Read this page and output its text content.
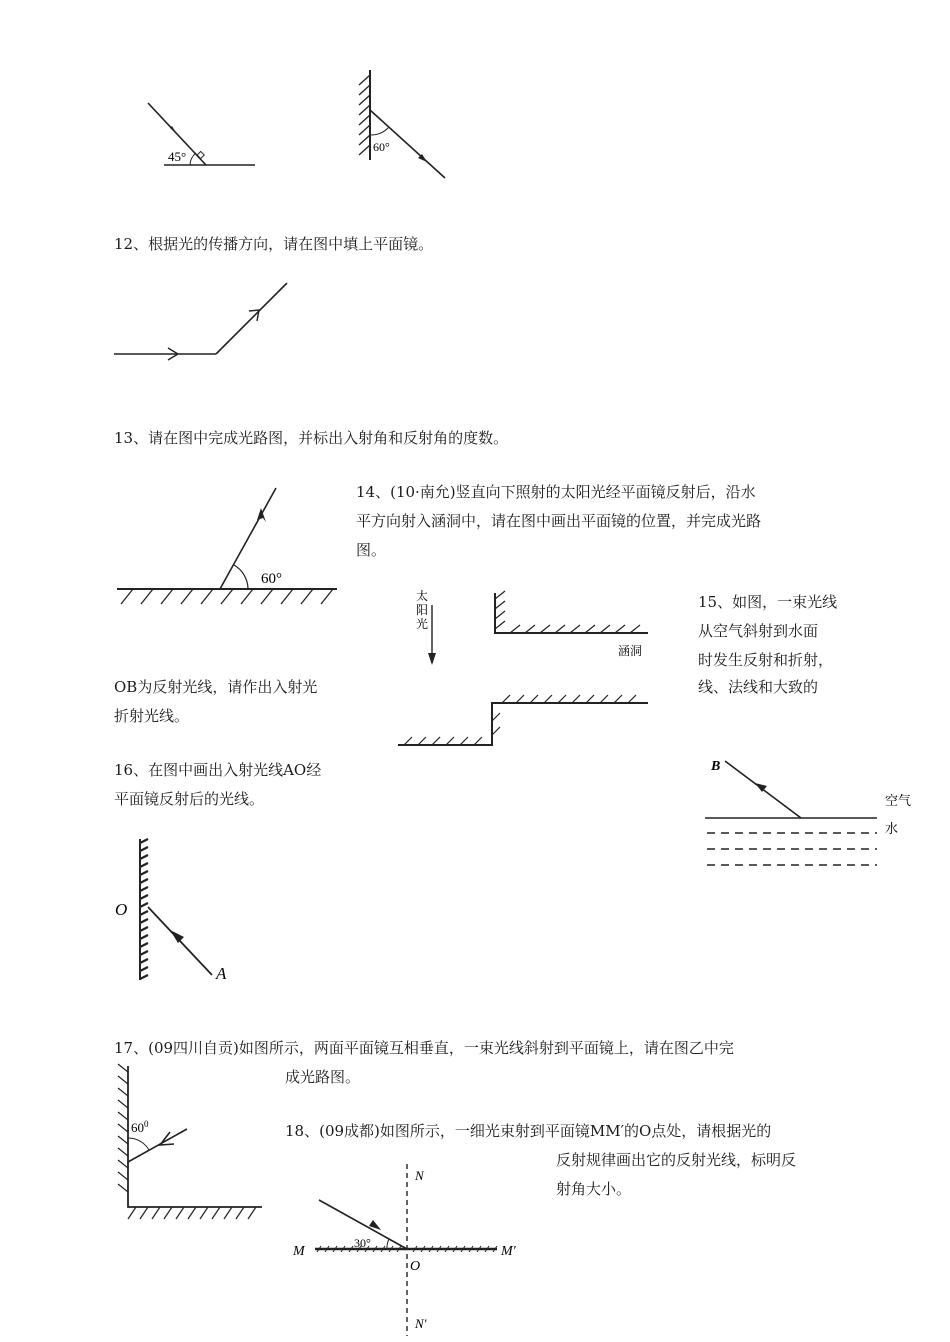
45°
60°
12、根据光的传播方向，请在图中填上平面镜。
13、请在图中完成光路图，并标出入射角和反射角的度数。
60°
14、(10·南允)竖直向下照射的太阳光经平面镜反射后，沿水
平方向射入涵洞中，请在图中画出平面镜的位置，并完成光路
图。
太
阳
光
涵洞
15、如图，一束光线
从空气斜射到水面
时发生反射和折射，
线、法线和大致的
OB为反射光线，请作出入射光
折射光线。
B
空气
水
16、在图中画出入射光线AO经
平面镜反射后的光线。
O
A
17、(09四川自贡)如图所示，两面平面镜互相垂直，一束光线斜射到平面镜上，请在图乙中完
成光路图。
$60^0$	18、(09成都)如图所示，一细光束射到平面镜MM′的O点处，请根据光的
反射规律画出它的反射光线，标明反
射角大小。
N
N′
M	M′
30°
O
